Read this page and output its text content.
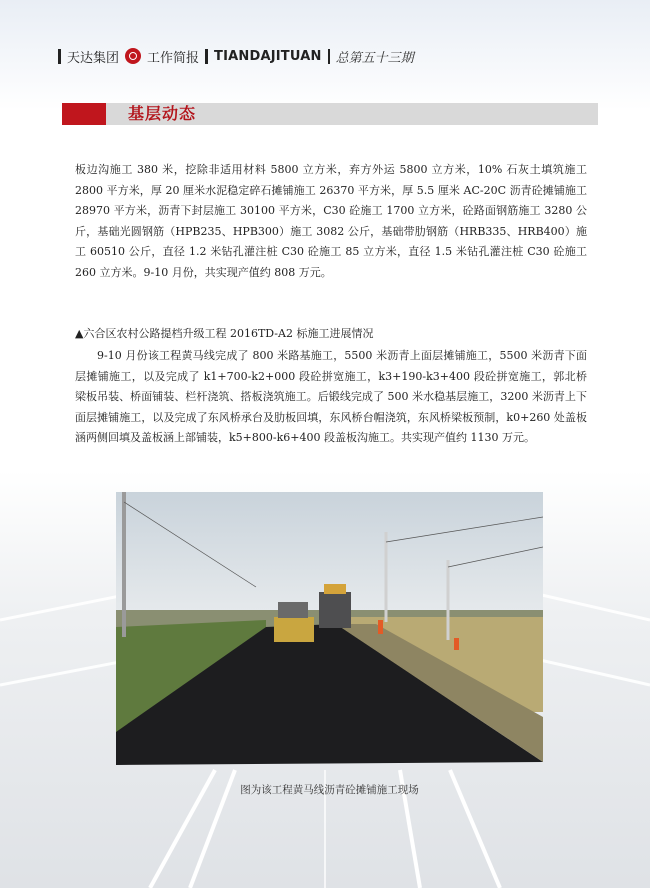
天达集团 工作简报 TIANDAJITUAN 总第五十三期
基层动态

板边沟施工 380 米，挖除非适用材料 5800 立方米，弃方外运 5800 立方米，10% 石灰土填筑施工 2800 平方米，厚 20 厘米水泥稳定碎石摊铺施工 26370 平方米，厚 5.5 厘米 AC-20C 沥青砼摊铺施工 28970 平方米，沥青下封层施工 30100 平方米，C30 砼施工 1700 立方米，砼路面钢筋施工 3280 公斤，基础光圆钢筋（HPB235、HPB300）施工 3082 公斤，基础带肋钢筋（HRB335、HRB400）施工 60510 公斤，直径 1.2 米钻孔灌注桩 C30 砼施工 85 立方米，直径 1.5 米钻孔灌注桩 C30 砼施工 260 立方米。9-10 月份，共实现产值约 808 万元。

▲六合区农村公路提档升级工程 2016TD-A2 标施工进展情况

9-10 月份该工程黄马线完成了 800 米路基施工，5500 米沥青上面层摊铺施工，5500 米沥青下面层摊铺施工，以及完成了 k1+700-k2+000 段砼拼宽施工，k3+190-k3+400 段砼拼宽施工，郭北桥梁板吊装、桥面铺装、栏杆浇筑、搭板浇筑施工。后锻线完成了 500 米水稳基层施工，3200 米沥青上下面层摊铺施工，以及完成了东风桥承台及肋板回填，东风桥台帽浇筑，东风桥梁板预制，k0+260 处盖板涵两侧回填及盖板涵上部铺装，k5+800-k6+400 段盖板沟施工。共实现产值约 1130 万元。

图为该工程黄马线沥青砼摊铺施工现场
